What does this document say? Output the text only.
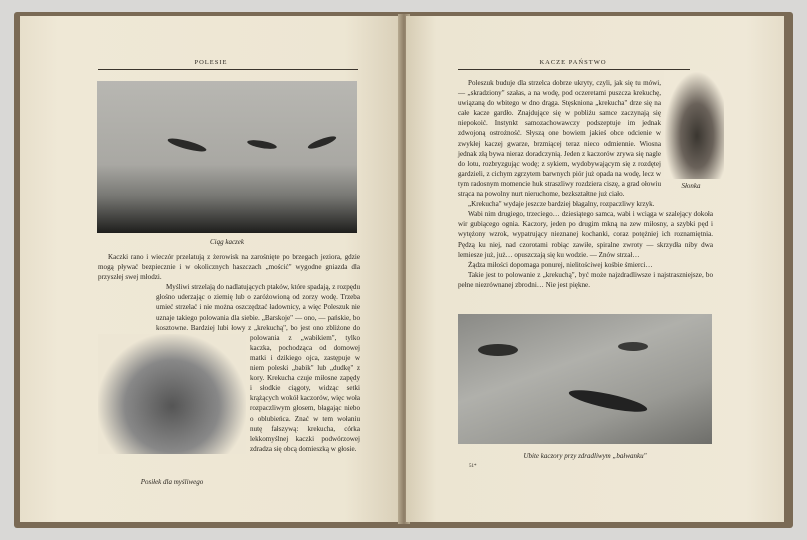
POLESIE
Ciąg kaczek

Kaczki rano i wieczór przelatują z żerowisk na zarośnięte po brzegach jeziora, gdzie mogą pływać bezpiecznie i w okolicznych haszczach „mościć" wygodne gniazda dla przyszłej swej młodzi.

Myśliwi strzelają do nadlatujących ptaków, które spadają, z rozpędu głośno uderzając o ziemię lub o zaróżowioną od zorzy wodę. Trzeba umieć strzelać i nie można oszczędzać ładownicy, a więc Poleszuk nie uznaje takiego polowania dla siebie. „Barskoje" — ono, — pańskie, bo kosztowne. Bardziej lubi łowy z „krekuchą", bo jest ono zbliżone do polowania z „wabikiem", tylko kaczka, pochodząca od domowej matki i dzikiego ojca, zastępuje w niem poleski „babik" lub „dudkę" z kory. Krekucha czuje miłosne zapędy i słodkie ciągoty, widząc setki krążących wokół kaczorów, więc woła rozpaczliwym głosem, błagając niebo o oblubieńca. Znać w tem wołaniu nutę fałszywą: krekucha, córka lekkomyślnej kaczki podwórzowej zdradza się obcą domieszką w głosie.

Posiłek dla myśliwego
KACZE PAŃSTWO
Słonka

Poleszuk buduje dla strzelca dobrze ukryty, czyli, jak się tu mówi, — „skradziony" szałas, a na wodę, pod oczeretami puszcza krekuchę, uwiązaną do wbitego w dno drąga. Stęskniona „krekucha" drze się na całe kacze gardło. Znajdujące się w pobliżu samce zaczynają się niepokoić. Instynkt samozachowawczy podszeptuje im jednak zdwojoną ostrożność. Słyszą one bowiem jakieś obce odcienie w zwykłej kaczej gwarze, brzmiącej teraz nieco odmiennie. Wiosna jednak złą bywa nieraz doradczynią. Jeden z kaczorów zrywa się nagle do lotu, rozbryzgując wodę; z sykiem, wydobywającym się z rozdętej gardzieli, z cichym zgrzytem barwnych piór już opada na wodę, lecz w tym radosnym momencie huk straszliwy rozdziera ciszę, a grad ołowiu strąca na powolny nurt nieruchome, bezkształtne już ciało.

„Krekucha" wydaje jeszcze bardziej błagalny, rozpaczliwy krzyk.

Wabi nim drugiego, trzeciego… dziesiątego samca, wabi i wciąga w szalejący dokoła wir gubiącego ognia. Kaczory, jeden po drugim mkną na zew miłosny, a szybki pęd i wytężony wzrok, wypatrujący nieznanej kochanki, coraz potężniej ich roznamiętnia. Pędzą ku niej, nad czorotami robiąc zawiłe, spiralne zwroty — skrzydła niby dwa lemiesze już, już… opuszczają się ku wodzie. — Znów strzał…

Żądza miłości dopomaga ponurej, nielitościwej kośbie śmierci…

Takie jest to polowanie z „krekuchą", być może najzdradliwsze i najstraszniejsze, bo pełne niezrównanej zbrodni… Nie jest piękne.

Ubite kaczory przy zdradliwym „bałwanku"
51*
